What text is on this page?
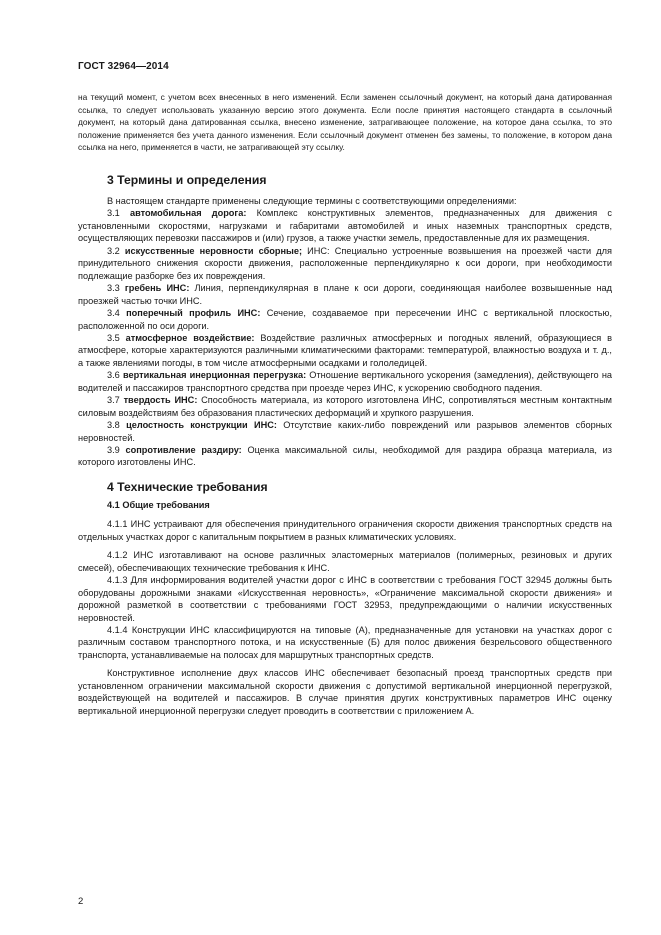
ГОСТ 32964—2014

на текущий момент, с учетом всех внесенных в него изменений. Если заменен ссылочный документ, на который дана датированная ссылка, то следует использовать указанную версию этого документа. Если после принятия настоящего стандарта в ссылочный документ, на который дана датированная ссылка, внесено изменение, затрагивающее положение, на которое дана ссылка, то это положение применяется без учета данного изменения. Если ссылочный документ отменен без замены, то положение, в котором дана ссылка на него, применяется в части, не затрагивающей эту ссылку.

3 Термины и определения

В настоящем стандарте применены следующие термины с соответствующими определениями:

3.1 автомобильная дорога: Комплекс конструктивных элементов, предназначенных для движения с установленными скоростями, нагрузками и габаритами автомобилей и иных наземных транспортных средств, осуществляющих перевозки пассажиров и (или) грузов, а также участки земель, предоставленные для их размещения.

3.2 искусственные неровности сборные; ИНС: Специально устроенные возвышения на проезжей части для принудительного снижения скорости движения, расположенные перпендикулярно к оси дороги, при необходимости подлежащие разборке без их повреждения.

3.3 гребень ИНС: Линия, перпендикулярная в плане к оси дороги, соединяющая наиболее возвышенные над проезжей частью точки ИНС.

3.4 поперечный профиль ИНС: Сечение, создаваемое при пересечении ИНС с вертикальной плоскостью, расположенной по оси дороги.

3.5 атмосферное воздействие: Воздействие различных атмосферных и погодных явлений, образующиеся в атмосфере, которые характеризуются различными климатическими факторами: температурой, влажностью воздуха и т. д., а также явлениями погоды, в том числе атмосферными осадками и гололедицей.

3.6 вертикальная инерционная перегрузка: Отношение вертикального ускорения (замедления), действующего на водителей и пассажиров транспортного средства при проезде через ИНС, к ускорению свободного падения.

3.7 твердость ИНС: Способность материала, из которого изготовлена ИНС, сопротивляться местным контактным силовым воздействиям без образования пластических деформаций и хрупкого разрушения.

3.8 целостность конструкции ИНС: Отсутствие каких-либо повреждений или разрывов элементов сборных неровностей.

3.9 сопротивление раздиру: Оценка максимальной силы, необходимой для раздира образца материала, из которого изготовлены ИНС.

4 Технические требования
4.1 Общие требования

4.1.1 ИНС устраивают для обеспечения принудительного ограничения скорости движения транспортных средств на отдельных участках дорог с капитальным покрытием в разных климатических условиях.

4.1.2 ИНС изготавливают на основе различных эластомерных материалов (полимерных, резиновых и других смесей), обеспечивающих технические требования к ИНС.

4.1.3 Для информирования водителей участки дорог с ИНС в соответствии с требования ГОСТ 32945 должны быть оборудованы дорожными знаками «Искусственная неровность», «Ограничение максимальной скорости движения» и дорожной разметкой в соответствии с требованиями ГОСТ 32953, предупреждающими о наличии искусственных неровностей.

4.1.4 Конструкции ИНС классифицируются на типовые (А), предназначенные для установки на участках дорог с различным составом транспортного потока, и на искусственные (Б) для полос движения безрельсового общественного транспорта, устанавливаемые на полосах для маршрутных транспортных средств.

Конструктивное исполнение двух классов ИНС обеспечивает безопасный проезд транспортных средств при установленном ограничении максимальной скорости движения с допустимой вертикальной инерционной перегрузкой, воздействующей на водителей и пассажиров. В случае принятия других конструктивных параметров ИНС оценку вертикальной инерционной перегрузки следует проводить в соответствии с приложением А.

2
